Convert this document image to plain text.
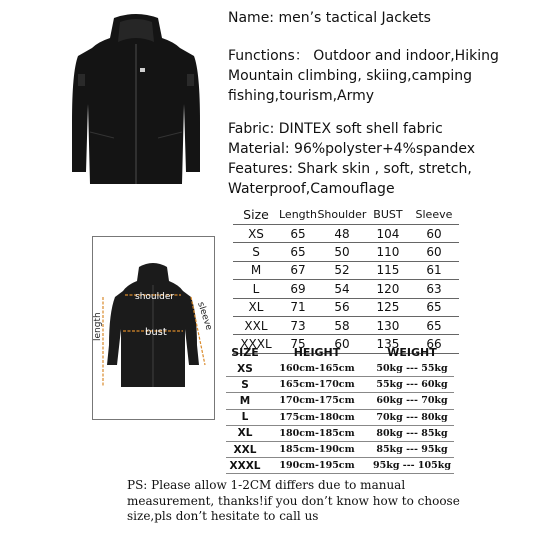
Name: men’s tactical Jackets
Functions： Outdoor and indoor,Hiking
Mountain climbing, skiing,camping
fishing,tourism,Army
Fabric: DINTEX soft shell fabric
Material: 96%polyster+4%spandex
Features: Shark skin , soft, stretch,
Waterproof,Camouflage
Size	Length	Shoulder	BUST	Sleeve
XS	65	48	104	60
S	65	50	110	60
M	67	52	115	61
L	69	54	120	63
XL	71	56	125	65
XXL	73	58	130	65
XXXL	75	60	135	66
shoulder
bust
length	sleeve
SIZE	HEIGHT	WEIGHT
XS	160cm-165cm	50kg --- 55kg
S	165cm-170cm	55kg --- 60kg
M	170cm-175cm	60kg --- 70kg
L	175cm-180cm	70kg --- 80kg
XL	180cm-185cm	80kg --- 85kg
XXL	185cm-190cm	85kg --- 95kg
XXXL	190cm-195cm	95kg --- 105kg
PS: Please allow 1-2CM differs due to manual
measurement, thanks!if you don’t know how to choose
size,pls don’t hesitate to call us
